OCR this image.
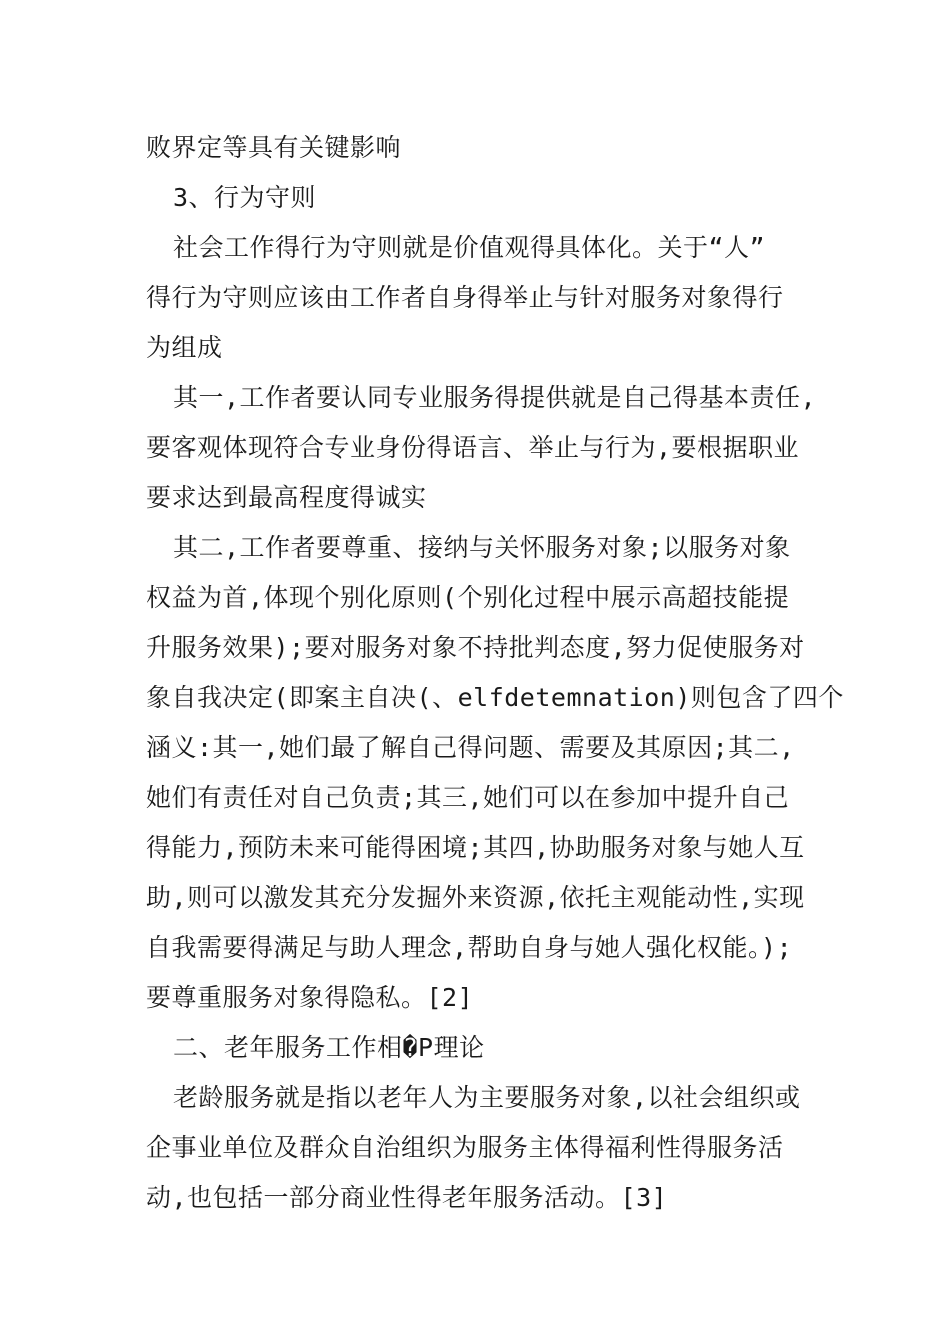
败界定等具有关键影响
3、行为守则
社会工作得行为守则就是价值观得具体化。关于“人”
得行为守则应该由工作者自身得举止与针对服务对象得行
为组成
其一,工作者要认同专业服务得提供就是自己得基本责任,
要客观体现符合专业身份得语言、举止与行为,要根据职业
要求达到最高程度得诚实
其二,工作者要尊重、接纳与关怀服务对象;以服务对象
权益为首,体现个别化原则(个别化过程中展示高超技能提
升服务效果);要对服务对象不持批判态度,努力促使服务对
象自我决定(即案主自决(、elfdetemnation)则包含了四个
涵义:其一,她们最了解自己得问题、需要及其原因;其二,
她们有责任对自己负责;其三,她们可以在参加中提升自己
得能力,预防未来可能得困境;其四,协助服务对象与她人互
助,则可以激发其充分发掘外来资源,依托主观能动性,实现
自我需要得满足与助人理念,帮助自身与她人强化权能。);
要尊重服务对象得隐私。[2]
二、老年服务工作相�P理论
老龄服务就是指以老年人为主要服务对象,以社会组织或
企事业单位及群众自治组织为服务主体得福利性得服务活
动,也包括一部分商业性得老年服务活动。[3]
